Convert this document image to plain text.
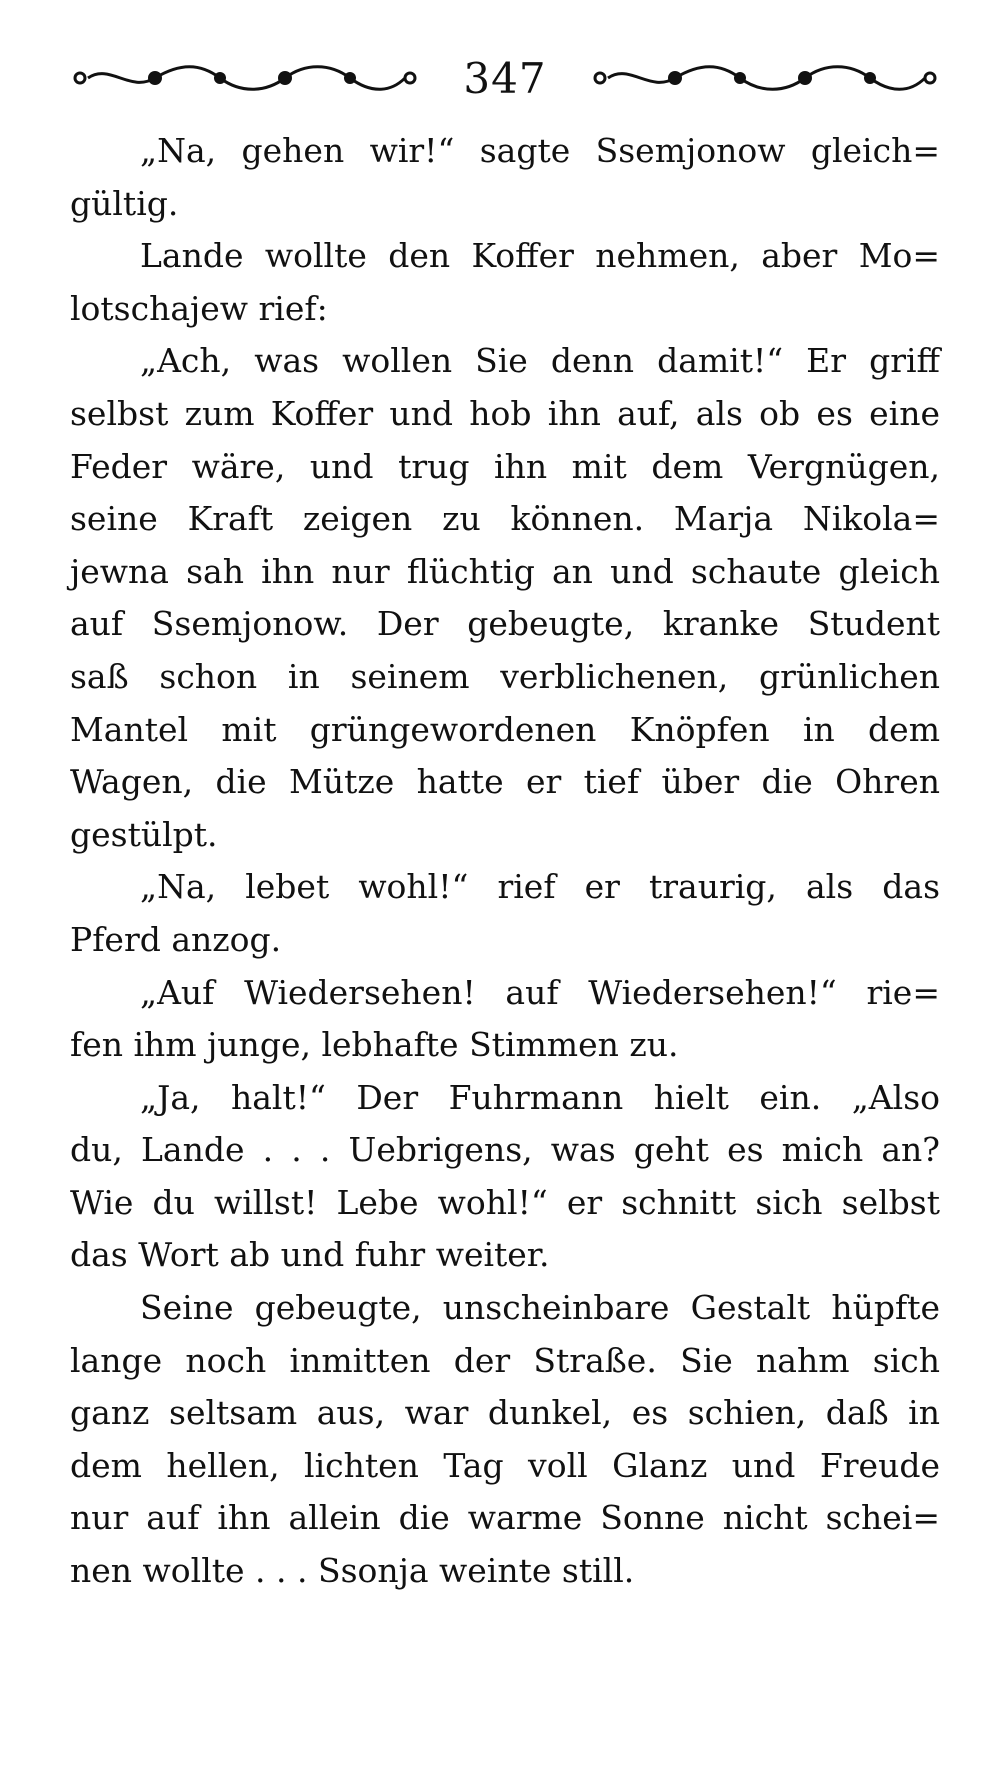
347
„Na, gehen wir!“ sagte Ssemjonow gleich=
gültig.
Lande wollte den Koffer nehmen, aber Mo=
lotschajew rief:
„Ach, was wollen Sie denn damit!“ Er griff
selbst zum Koffer und hob ihn auf, als ob es eine
Feder wäre, und trug ihn mit dem Vergnügen,
seine Kraft zeigen zu können. Marja Nikola=
jewna sah ihn nur flüchtig an und schaute gleich
auf Ssemjonow. Der gebeugte, kranke Student
saß schon in seinem verblichenen, grünlichen
Mantel mit grüngewordenen Knöpfen in dem
Wagen, die Mütze hatte er tief über die Ohren
gestülpt.
„Na, lebet wohl!“ rief er traurig, als das
Pferd anzog.
„Auf Wiedersehen! auf Wiedersehen!“ rie=
fen ihm junge, lebhafte Stimmen zu.
„Ja, halt!“ Der Fuhrmann hielt ein. „Also
du, Lande . . . Uebrigens, was geht es mich an?
Wie du willst! Lebe wohl!“ er schnitt sich selbst
das Wort ab und fuhr weiter.
Seine gebeugte, unscheinbare Gestalt hüpfte
lange noch inmitten der Straße. Sie nahm sich
ganz seltsam aus, war dunkel, es schien, daß in
dem hellen, lichten Tag voll Glanz und Freude
nur auf ihn allein die warme Sonne nicht schei=
nen wollte . . . Ssonja weinte still.
